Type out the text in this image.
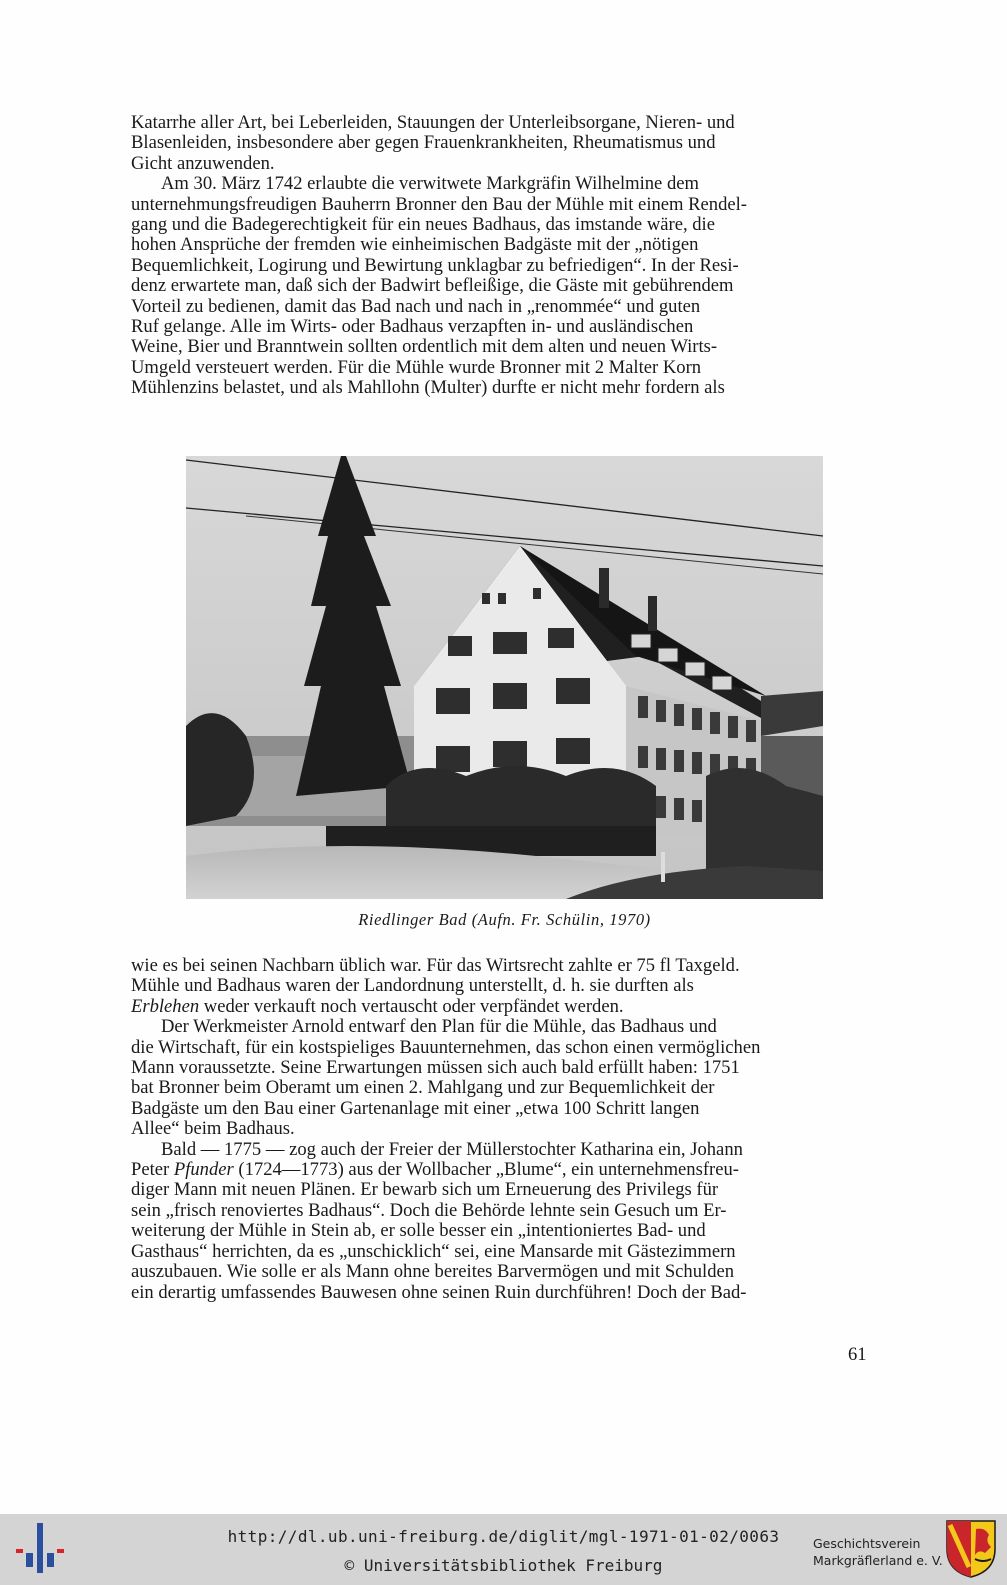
Katarrhe aller Art, bei Leberleiden, Stauungen der Unterleibsorgane, Nieren- und
Blasenleiden, insbesondere aber gegen Frauenkrankheiten, Rheumatismus und
Gicht anzuwenden.

Am 30. März 1742 erlaubte die verwitwete Markgräfin Wilhelmine dem
unternehmungsfreudigen Bauherrn Bronner den Bau der Mühle mit einem Rendel-
gang und die Badegerechtigkeit für ein neues Badhaus, das imstande wäre, die
hohen Ansprüche der fremden wie einheimischen Badgäste mit der „nötigen
Bequemlichkeit, Logirung und Bewirtung unklagbar zu befriedigen“. In der Resi-
denz erwartete man, daß sich der Badwirt befleißige, die Gäste mit gebührendem
Vorteil zu bedienen, damit das Bad nach und nach in „renommée“ und guten
Ruf gelange. Alle im Wirts- oder Badhaus verzapften in- und ausländischen
Weine, Bier und Branntwein sollten ordentlich mit dem alten und neuen Wirts-
Umgeld versteuert werden. Für die Mühle wurde Bronner mit 2 Malter Korn
Mühlenzins belastet, und als Mahllohn (Multer) durfte er nicht mehr fordern als

Riedlinger Bad (Aufn. Fr. Schülin, 1970)

wie es bei seinen Nachbarn üblich war. Für das Wirtsrecht zahlte er 75 fl Taxgeld.
Mühle und Badhaus waren der Landordnung unterstellt, d. h. sie durften als
Erblehen weder verkauft noch vertauscht oder verpfändet werden.

Der Werkmeister Arnold entwarf den Plan für die Mühle, das Badhaus und
die Wirtschaft, für ein kostspieliges Bauunternehmen, das schon einen vermöglichen
Mann voraussetzte. Seine Erwartungen müssen sich auch bald erfüllt haben: 1751
bat Bronner beim Oberamt um einen 2. Mahlgang und zur Bequemlichkeit der
Badgäste um den Bau einer Gartenanlage mit einer „etwa 100 Schritt langen
Allee“ beim Badhaus.

Bald — 1775 — zog auch der Freier der Müllerstochter Katharina ein, Johann
Peter Pfunder (1724—1773) aus der Wollbacher „Blume“, ein unternehmensfreu-
diger Mann mit neuen Plänen. Er bewarb sich um Erneuerung des Privilegs für
sein „frisch renoviertes Badhaus“. Doch die Behörde lehnte sein Gesuch um Er-
weiterung der Mühle in Stein ab, er solle besser ein „intentioniertes Bad- und
Gasthaus“ herrichten, da es „unschicklich“ sei, eine Mansarde mit Gästezimmern
auszubauen. Wie solle er als Mann ohne bereites Barvermögen und mit Schulden
ein derartig umfassendes Bauwesen ohne seinen Ruin durchführen! Doch der Bad-

61
http://dl.ub.uni-freiburg.de/diglit/mgl-1971-01-02/0063
© Universitätsbibliothek Freiburg
Geschichtsverein
Markgräflerland e. V.
